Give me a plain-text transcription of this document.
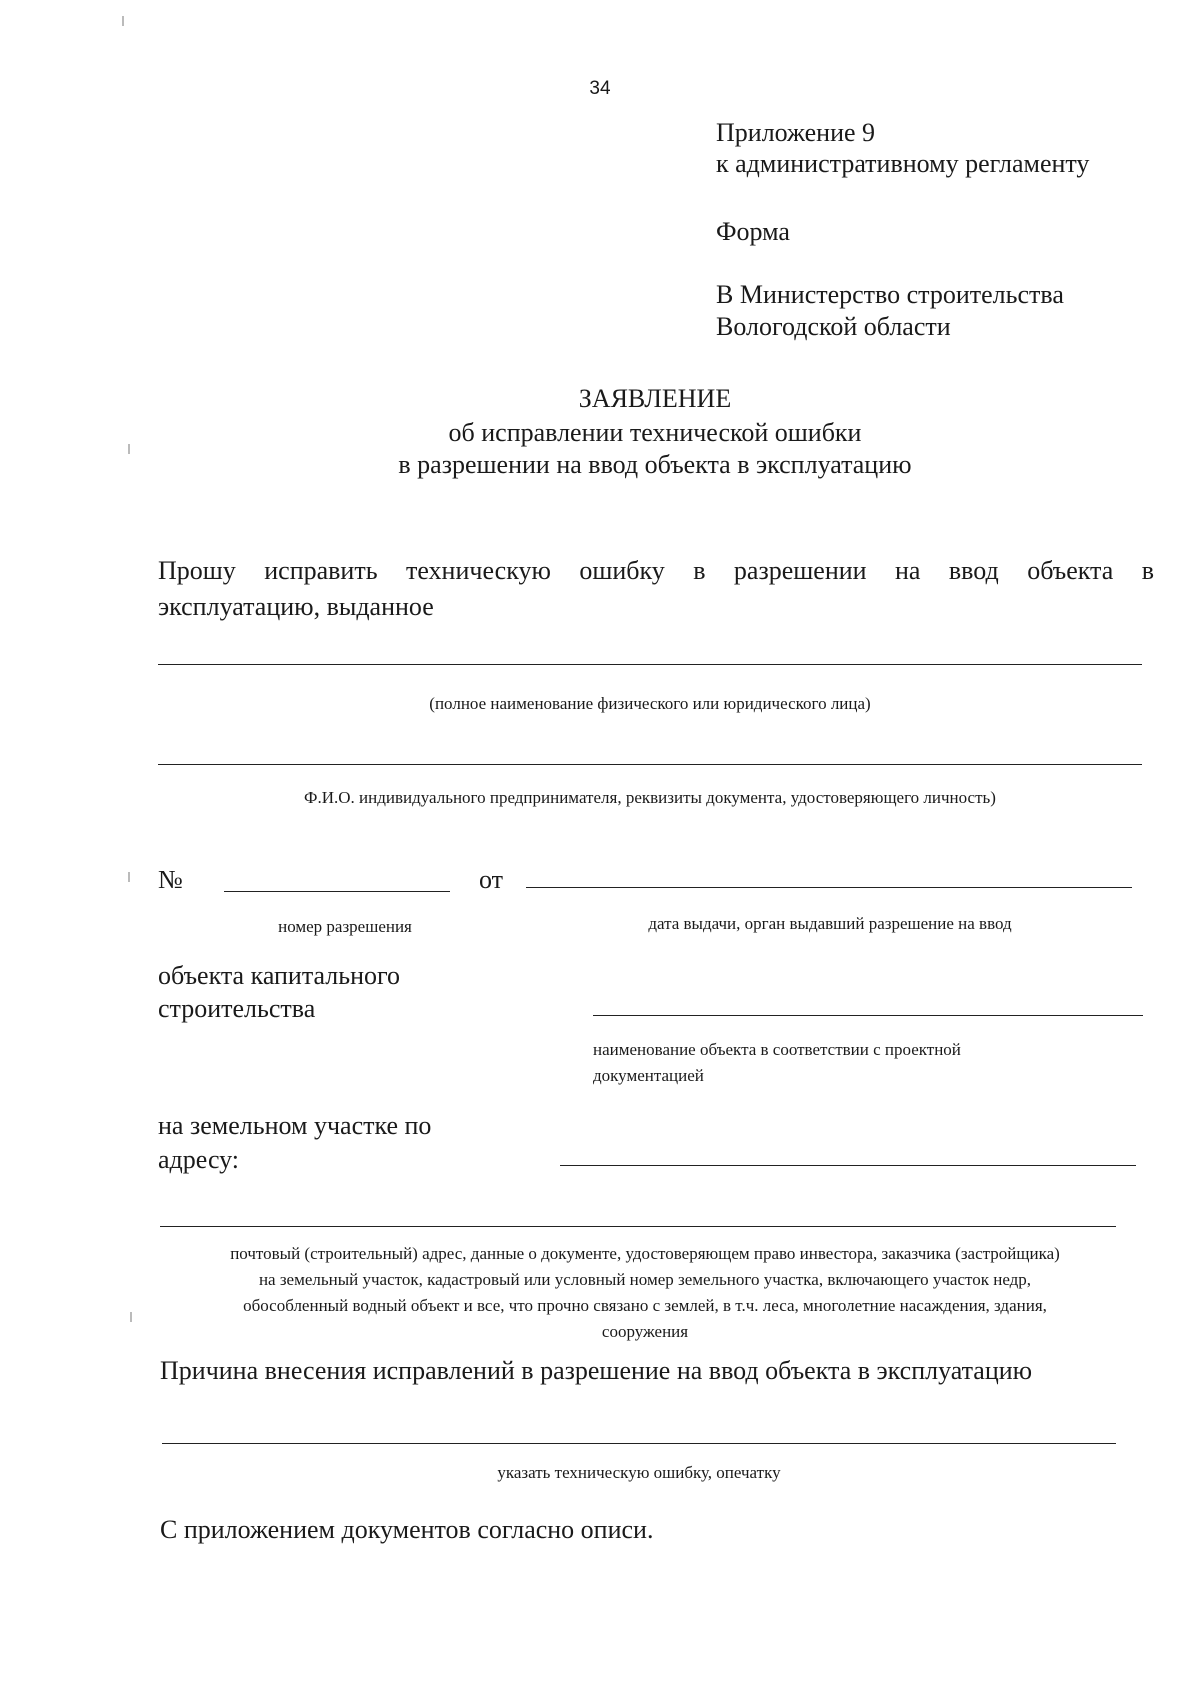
34
Приложение 9
к административному регламенту
Форма
В Министерство строительства
Вологодской области
ЗАЯВЛЕНИЕ
об исправлении технической ошибки
в разрешении на ввод объекта в эксплуатацию
Прошу исправить техническую ошибку в разрешении на ввод объекта в
эксплуатацию, выданное
(полное наименование физического или юридического лица)
Ф.И.О. индивидуального предпринимателя, реквизиты документа, удостоверяющего личность)
№	от
номер разрешения	дата выдачи, орган выдавший разрешение на ввод
объекта капитального
строительства
наименование объекта в соответствии с проектной
документацией
на земельном участке по
адресу:
почтовый (строительный) адрес, данные о документе, удостоверяющем право инвестора, заказчика (застройщика)
на земельный участок, кадастровый или условный номер земельного участка, включающего участок недр,
обособленный водный объект и все, что прочно связано с землей, в т.ч. леса, многолетние насаждения, здания,
сооружения
Причина внесения исправлений в разрешение на ввод объекта в эксплуатацию
указать техническую ошибку, опечатку
С приложением документов согласно описи.
